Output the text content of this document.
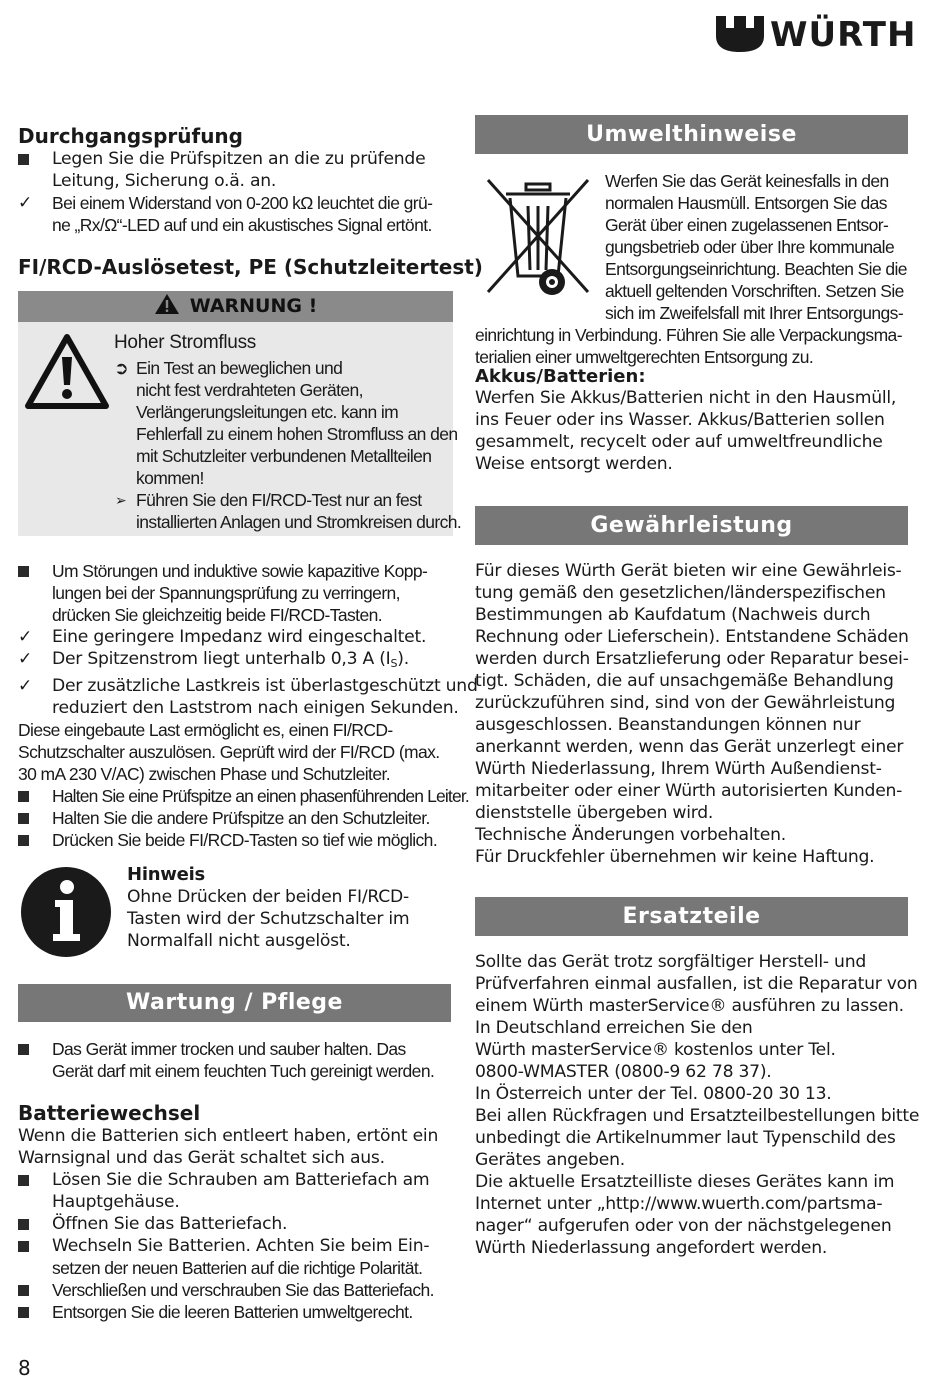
WÜRTH
Durchgangsprüfung
Legen Sie die Prüfspitzen an die zu prüfende
Leitung, Sicherung o.ä. an.
✓ Bei einem Widerstand von 0-200 kΩ leuchtet die grü-
ne „Rx/Ω“-LED auf und ein akustisches Signal ertönt.
FI/RCD-Auslösetest, PE (Schutzleitertest)
WARNUNG !
Hoher Stromfluss
➲ Ein Test an beweglichen und
nicht fest verdrahteten Geräten,
Verlängerungsleitungen etc. kann im
Fehlerfall zu einem hohen Stromfluss an den
mit Schutzleiter verbundenen Metallteilen
kommen!
➢ Führen Sie den FI/RCD-Test nur an fest
installierten Anlagen und Stromkreisen durch.
Um Störungen und induktive sowie kapazitive Kopp-
lungen bei der Spannungsprüfung zu verringern,
drücken Sie gleichzeitig beide FI/RCD-Tasten.
✓ Eine geringere Impedanz wird eingeschaltet.
✓ Der Spitzenstrom liegt unterhalb 0,3 A $(I_S)$.
✓ Der zusätzliche Lastkreis ist überlastgeschützt und
reduziert den Laststrom nach einigen Sekunden.
Diese eingebaute Last ermöglicht es, einen FI/RCD-
Schutzschalter auszulösen. Geprüft wird der FI/RCD (max.
30 mA 230 V/AC) zwischen Phase und Schutzleiter.
Halten Sie eine Prüfspitze an einen phasenführenden Leiter.
Halten Sie die andere Prüfspitze an den Schutzleiter.
Drücken Sie beide FI/RCD-Tasten so tief wie möglich.
Hinweis
Ohne Drücken der beiden FI/RCD-
Tasten wird der Schutzschalter im
Normalfall nicht ausgelöst.
Wartung / Pflege
Das Gerät immer trocken und sauber halten. Das
Gerät darf mit einem feuchten Tuch gereinigt werden.
Batteriewechsel
Wenn die Batterien sich entleert haben, ertönt ein
Warnsignal und das Gerät schaltet sich aus.
Lösen Sie die Schrauben am Batteriefach am
Hauptgehäuse.
Öffnen Sie das Batteriefach.
Wechseln Sie Batterien. Achten Sie beim Ein-
setzen der neuen Batterien auf die richtige Polarität.
Verschließen und verschrauben Sie das Batteriefach.
Entsorgen Sie die leeren Batterien umweltgerecht.
8
Umwelthinweise
Werfen Sie das Gerät keinesfalls in den
normalen Hausmüll. Entsorgen Sie das
Gerät über einen zugelassenen Entsor-
gungsbetrieb oder über Ihre kommunale
Entsorgungseinrichtung. Beachten Sie die
aktuell geltenden Vorschriften. Setzen Sie
sich im Zweifelsfall mit Ihrer Entsorgungs-
einrichtung in Verbindung. Führen Sie alle Verpackungsma-
terialien einer umweltgerechten Entsorgung zu.
Akkus/Batterien:
Werfen Sie Akkus/Batterien nicht in den Hausmüll,
ins Feuer oder ins Wasser. Akkus/Batterien sollen
gesammelt, recycelt oder auf umweltfreundliche
Weise entsorgt werden.
Gewährleistung
Für dieses Würth Gerät bieten wir eine Gewährleis-
tung gemäß den gesetzlichen/länderspezifischen
Bestimmungen ab Kaufdatum (Nachweis durch
Rechnung oder Lieferschein). Entstandene Schäden
werden durch Ersatzlieferung oder Reparatur besei-
tigt. Schäden, die auf unsachgemäße Behandlung
zurückzuführen sind, sind von der Gewährleistung
ausgeschlossen. Beanstandungen können nur
anerkannt werden, wenn das Gerät unzerlegt einer
Würth Niederlassung, Ihrem Würth Außendienst-
mitarbeiter oder einer Würth autorisierten Kunden-
dienststelle übergeben wird.
Technische Änderungen vorbehalten.
Für Druckfehler übernehmen wir keine Haftung.
Ersatzteile
Sollte das Gerät trotz sorgfältiger Herstell- und
Prüfverfahren einmal ausfallen, ist die Reparatur von
einem Würth masterService® ausführen zu lassen.
In Deutschland erreichen Sie den
Würth masterService® kostenlos unter Tel.
0800-WMASTER (0800-9 62 78 37).
In Österreich unter der Tel. 0800-20 30 13.
Bei allen Rückfragen und Ersatzteilbestellungen bitte
unbedingt die Artikelnummer laut Typenschild des
Gerätes angeben.
Die aktuelle Ersatzteilliste dieses Gerätes kann im
Internet unter „http://www.wuerth.com/partsma-
nager“ aufgerufen oder von der nächstgelegenen
Würth Niederlassung angefordert werden.
